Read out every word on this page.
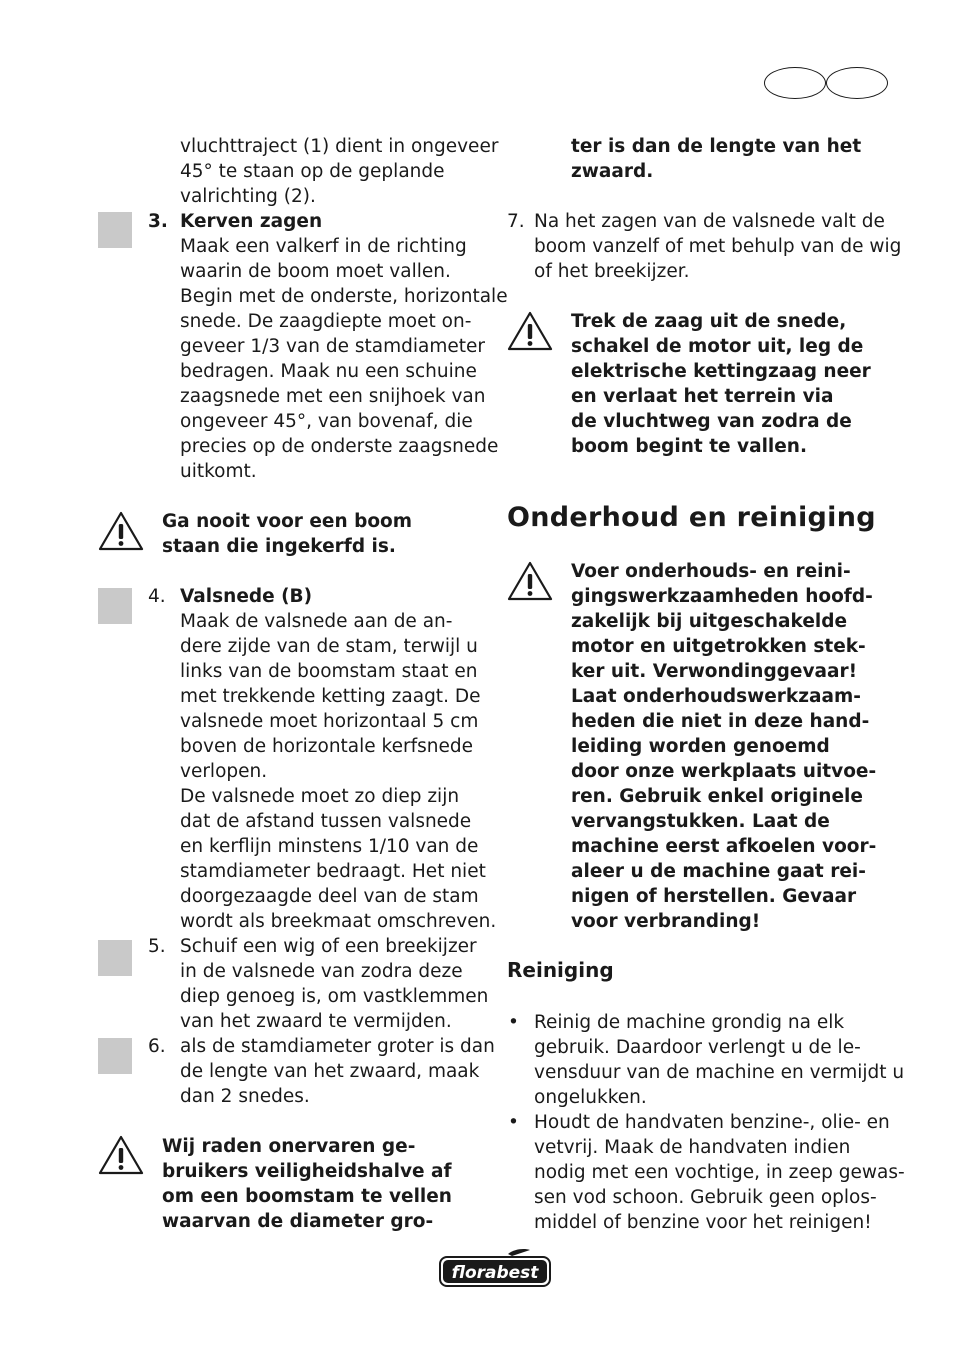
vluchttraject (1) dient in ongeveer
45° te staan op de geplande
valrichting (2).
3. Kerven zagen
Maak een valkerf in de richting
waarin de boom moet vallen.
Begin met de onderste, horizontale
snede. De zaagdiepte moet on-
geveer 1/3 van de stamdiameter
bedragen. Maak nu een schuine
zaagsnede met een snijhoek van
ongeveer 45°, van bovenaf, die
precies op de onderste zaagsnede
uitkomt.
Ga nooit voor een boom
staan die ingekerfd is.
4. Valsnede (B)
Maak de valsnede aan de an-
dere zijde van de stam, terwijl u
links van de boomstam staat en
met trekkende ketting zaagt. De
valsnede moet horizontaal 5 cm
boven de horizontale kerfsnede
verlopen.
De valsnede moet zo diep zijn
dat de afstand tussen valsnede
en kerflijn minstens 1/10 van de
stamdiameter bedraagt. Het niet
doorgezaagde deel van de stam
wordt als breekmaat omschreven.
5. Schuif een wig of een breekijzer
in de valsnede van zodra deze
diep genoeg is, om vastklemmen
van het zwaard te vermijden.
6. als de stamdiameter groter is dan
de lengte van het zwaard, maak
dan 2 snedes.
Wij raden onervaren ge-
bruikers veiligheidshalve af
om een boomstam te vellen
waarvan de diameter gro-
ter is dan de lengte van het
zwaard.
7. Na het zagen van de valsnede valt de
boom vanzelf of met behulp van de wig
of het breekijzer.
Trek de zaag uit de snede,
schakel de motor uit, leg de
elektrische kettingzaag neer
en verlaat het terrein via
de vluchtweg van zodra de
boom begint te vallen.
Onderhoud en reiniging
Voer onderhouds- en reini-
gingswerkzaamheden hoofd-
zakelijk bij uitgeschakelde
motor en uitgetrokken stek-
ker uit. Verwondinggevaar!
Laat onderhoudswerkzaam-
heden die niet in deze hand-
leiding worden genoemd
door onze werkplaats uitvoe-
ren. Gebruik enkel originele
vervangstukken. Laat de
machine eerst afkoelen voor-
aleer u de machine gaat rei-
nigen of herstellen. Gevaar
voor verbranding!
Reiniging
• Reinig de machine grondig na elk
gebruik. Daardoor verlengt u de le-
vensduur van de machine en vermijdt u
ongelukken.
• Houdt de handvaten benzine-, olie- en
vetvrij. Maak de handvaten indien
nodig met een vochtige, in zeep gewas-
sen vod schoon. Gebruik geen oplos-
middel of benzine voor het reinigen!
florabest
